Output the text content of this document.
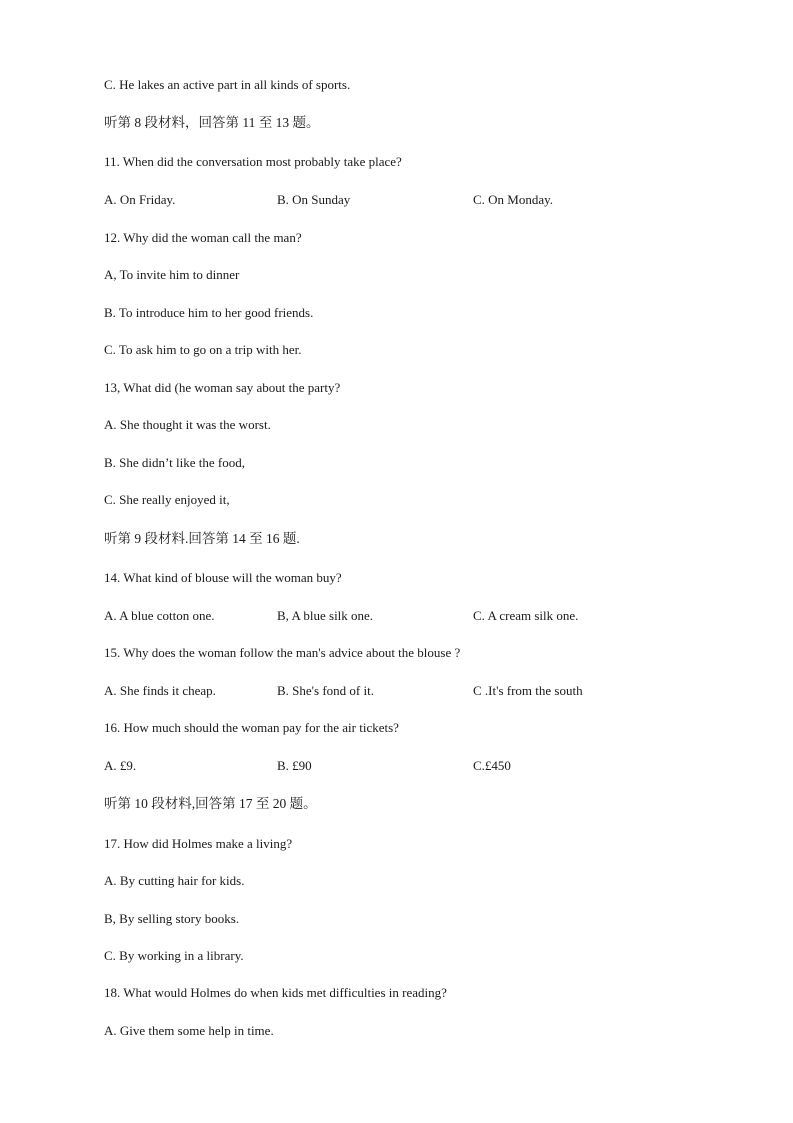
C. He lakes an active part in all kinds of sports.
听第 8 段材料，回答第 11 至 13 题。
11. When did the conversation most probably take place?
A. On Friday.	B. On Sunday	C. On Monday.
12. Why did the woman call the man?
A, To invite him to dinner
B. To introduce him to her good friends.
C. To ask him to go on a trip with her.
13, What did (he woman say about the party?
A. She thought it was the worst.
B. She didn’t like the food,
C. She really enjoyed it,
听第 9 段材料.回答第 14 至 16 题.
14. What kind of blouse will the woman buy?
A. A blue cotton one.	B, A blue silk one.	C. A cream silk one.
15. Why does the woman follow the man's advice about the blouse ?
A. She finds it cheap.	B. She's fond of it.	C .It's from the south
16. How much should the woman pay for the air tickets?
A. £9.	B. £90	C.£450
听第 10 段材料,回答第 17 至 20 题。
17. How did Holmes make a living?
A. By cutting hair for kids.
B, By selling story books.
C. By working in a library.
18. What would Holmes do when kids met difficulties in reading?
A. Give them some help in time.
